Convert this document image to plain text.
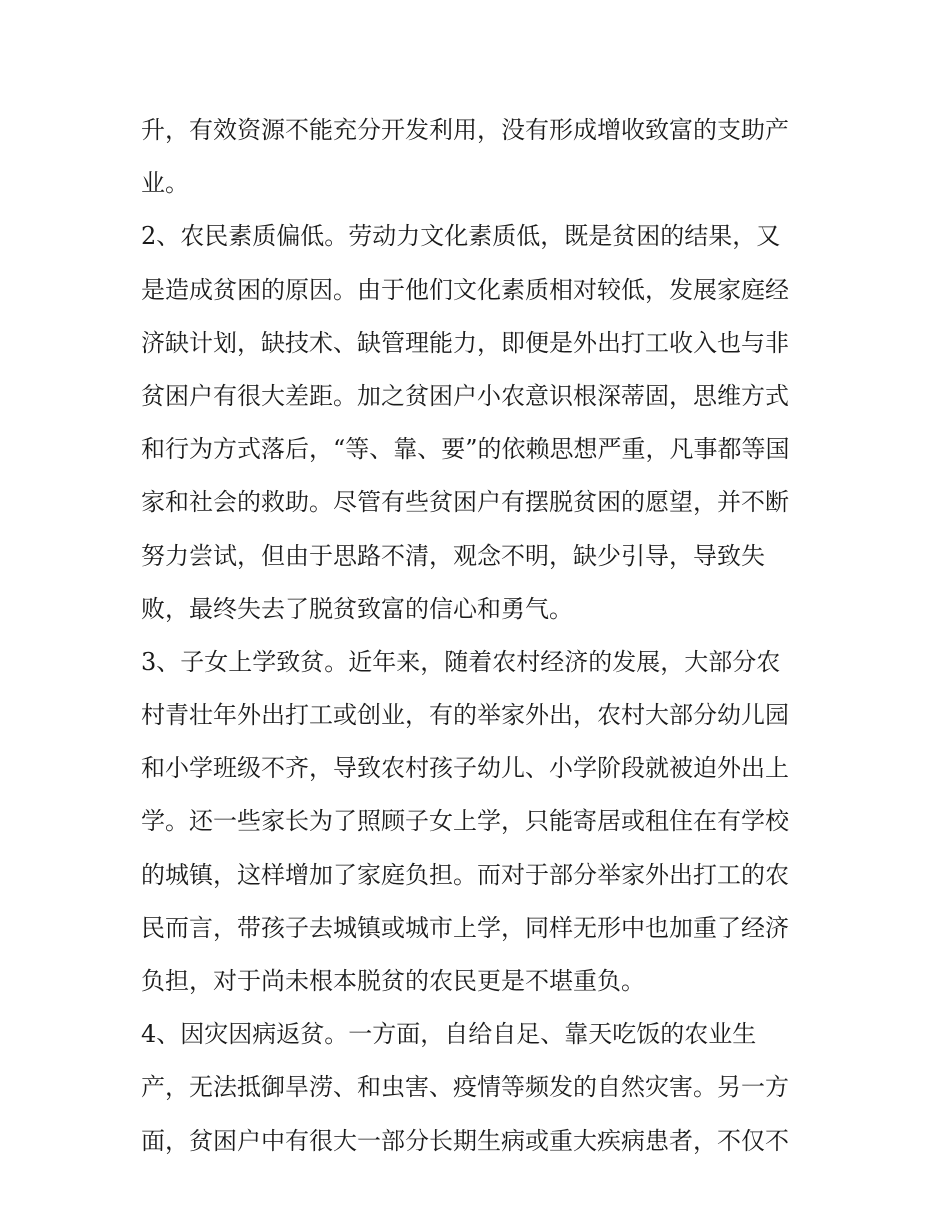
升，有效资源不能充分开发利用，没有形成增收致富的支助产
业。
2、农民素质偏低。劳动力文化素质低，既是贫困的结果，又
是造成贫困的原因。由于他们文化素质相对较低，发展家庭经
济缺计划，缺技术、缺管理能力，即便是外出打工收入也与非
贫困户有很大差距。加之贫困户小农意识根深蒂固，思维方式
和行为方式落后，“等、靠、要”的依赖思想严重，凡事都等国
家和社会的救助。尽管有些贫困户有摆脱贫困的愿望，并不断
努力尝试，但由于思路不清，观念不明，缺少引导，导致失
败，最终失去了脱贫致富的信心和勇气。
3、子女上学致贫。近年来，随着农村经济的发展，大部分农
村青壮年外出打工或创业，有的举家外出，农村大部分幼儿园
和小学班级不齐，导致农村孩子幼儿、小学阶段就被迫外出上
学。还一些家长为了照顾子女上学，只能寄居或租住在有学校
的城镇，这样增加了家庭负担。而对于部分举家外出打工的农
民而言，带孩子去城镇或城市上学，同样无形中也加重了经济
负担，对于尚未根本脱贫的农民更是不堪重负。
4、因灾因病返贫。一方面，自给自足、靠天吃饭的农业生
产，无法抵御旱涝、和虫害、疫情等频发的自然灾害。另一方
面，贫困户中有很大一部分长期生病或重大疾病患者，不仅不
